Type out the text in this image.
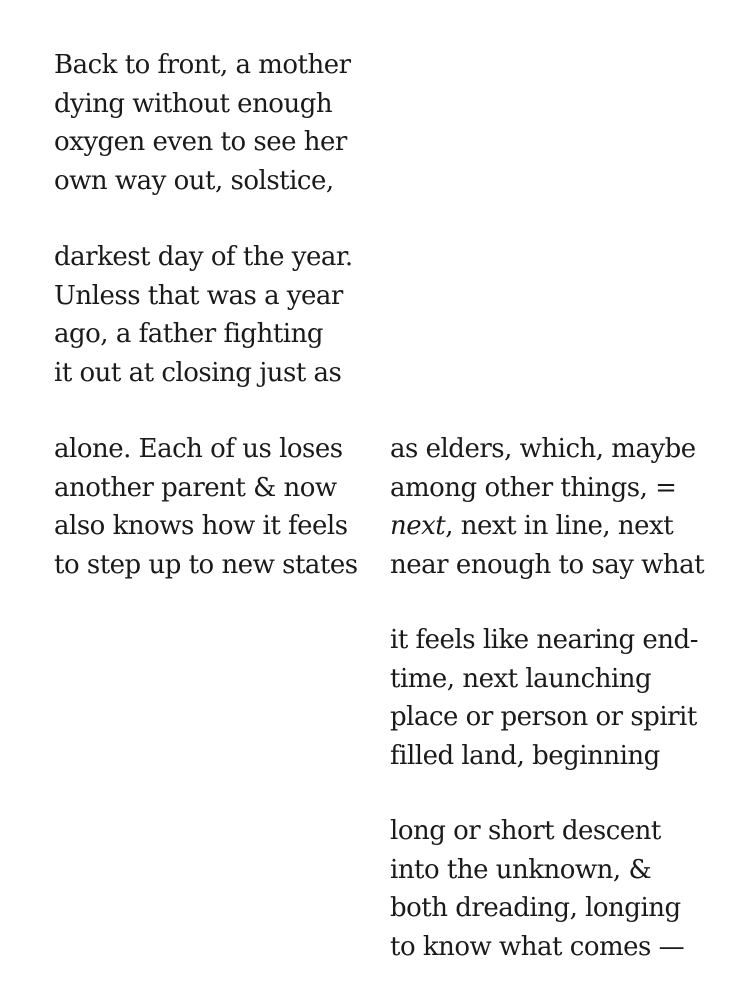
Back to front, a mother
dying without enough
oxygen even to see her
own way out, solstice,
darkest day of the year.
Unless that was a year
ago, a father fighting
it out at closing just as
alone. Each of us loses
another parent & now
also knows how it feels
to step up to new states
as elders, which, maybe
among other things, =
next, next in line, next
near enough to say what
it feels like nearing end-
time, next launching
place or person or spirit
filled land, beginning
long or short descent
into the unknown, &
both dreading, longing
to know what comes —
